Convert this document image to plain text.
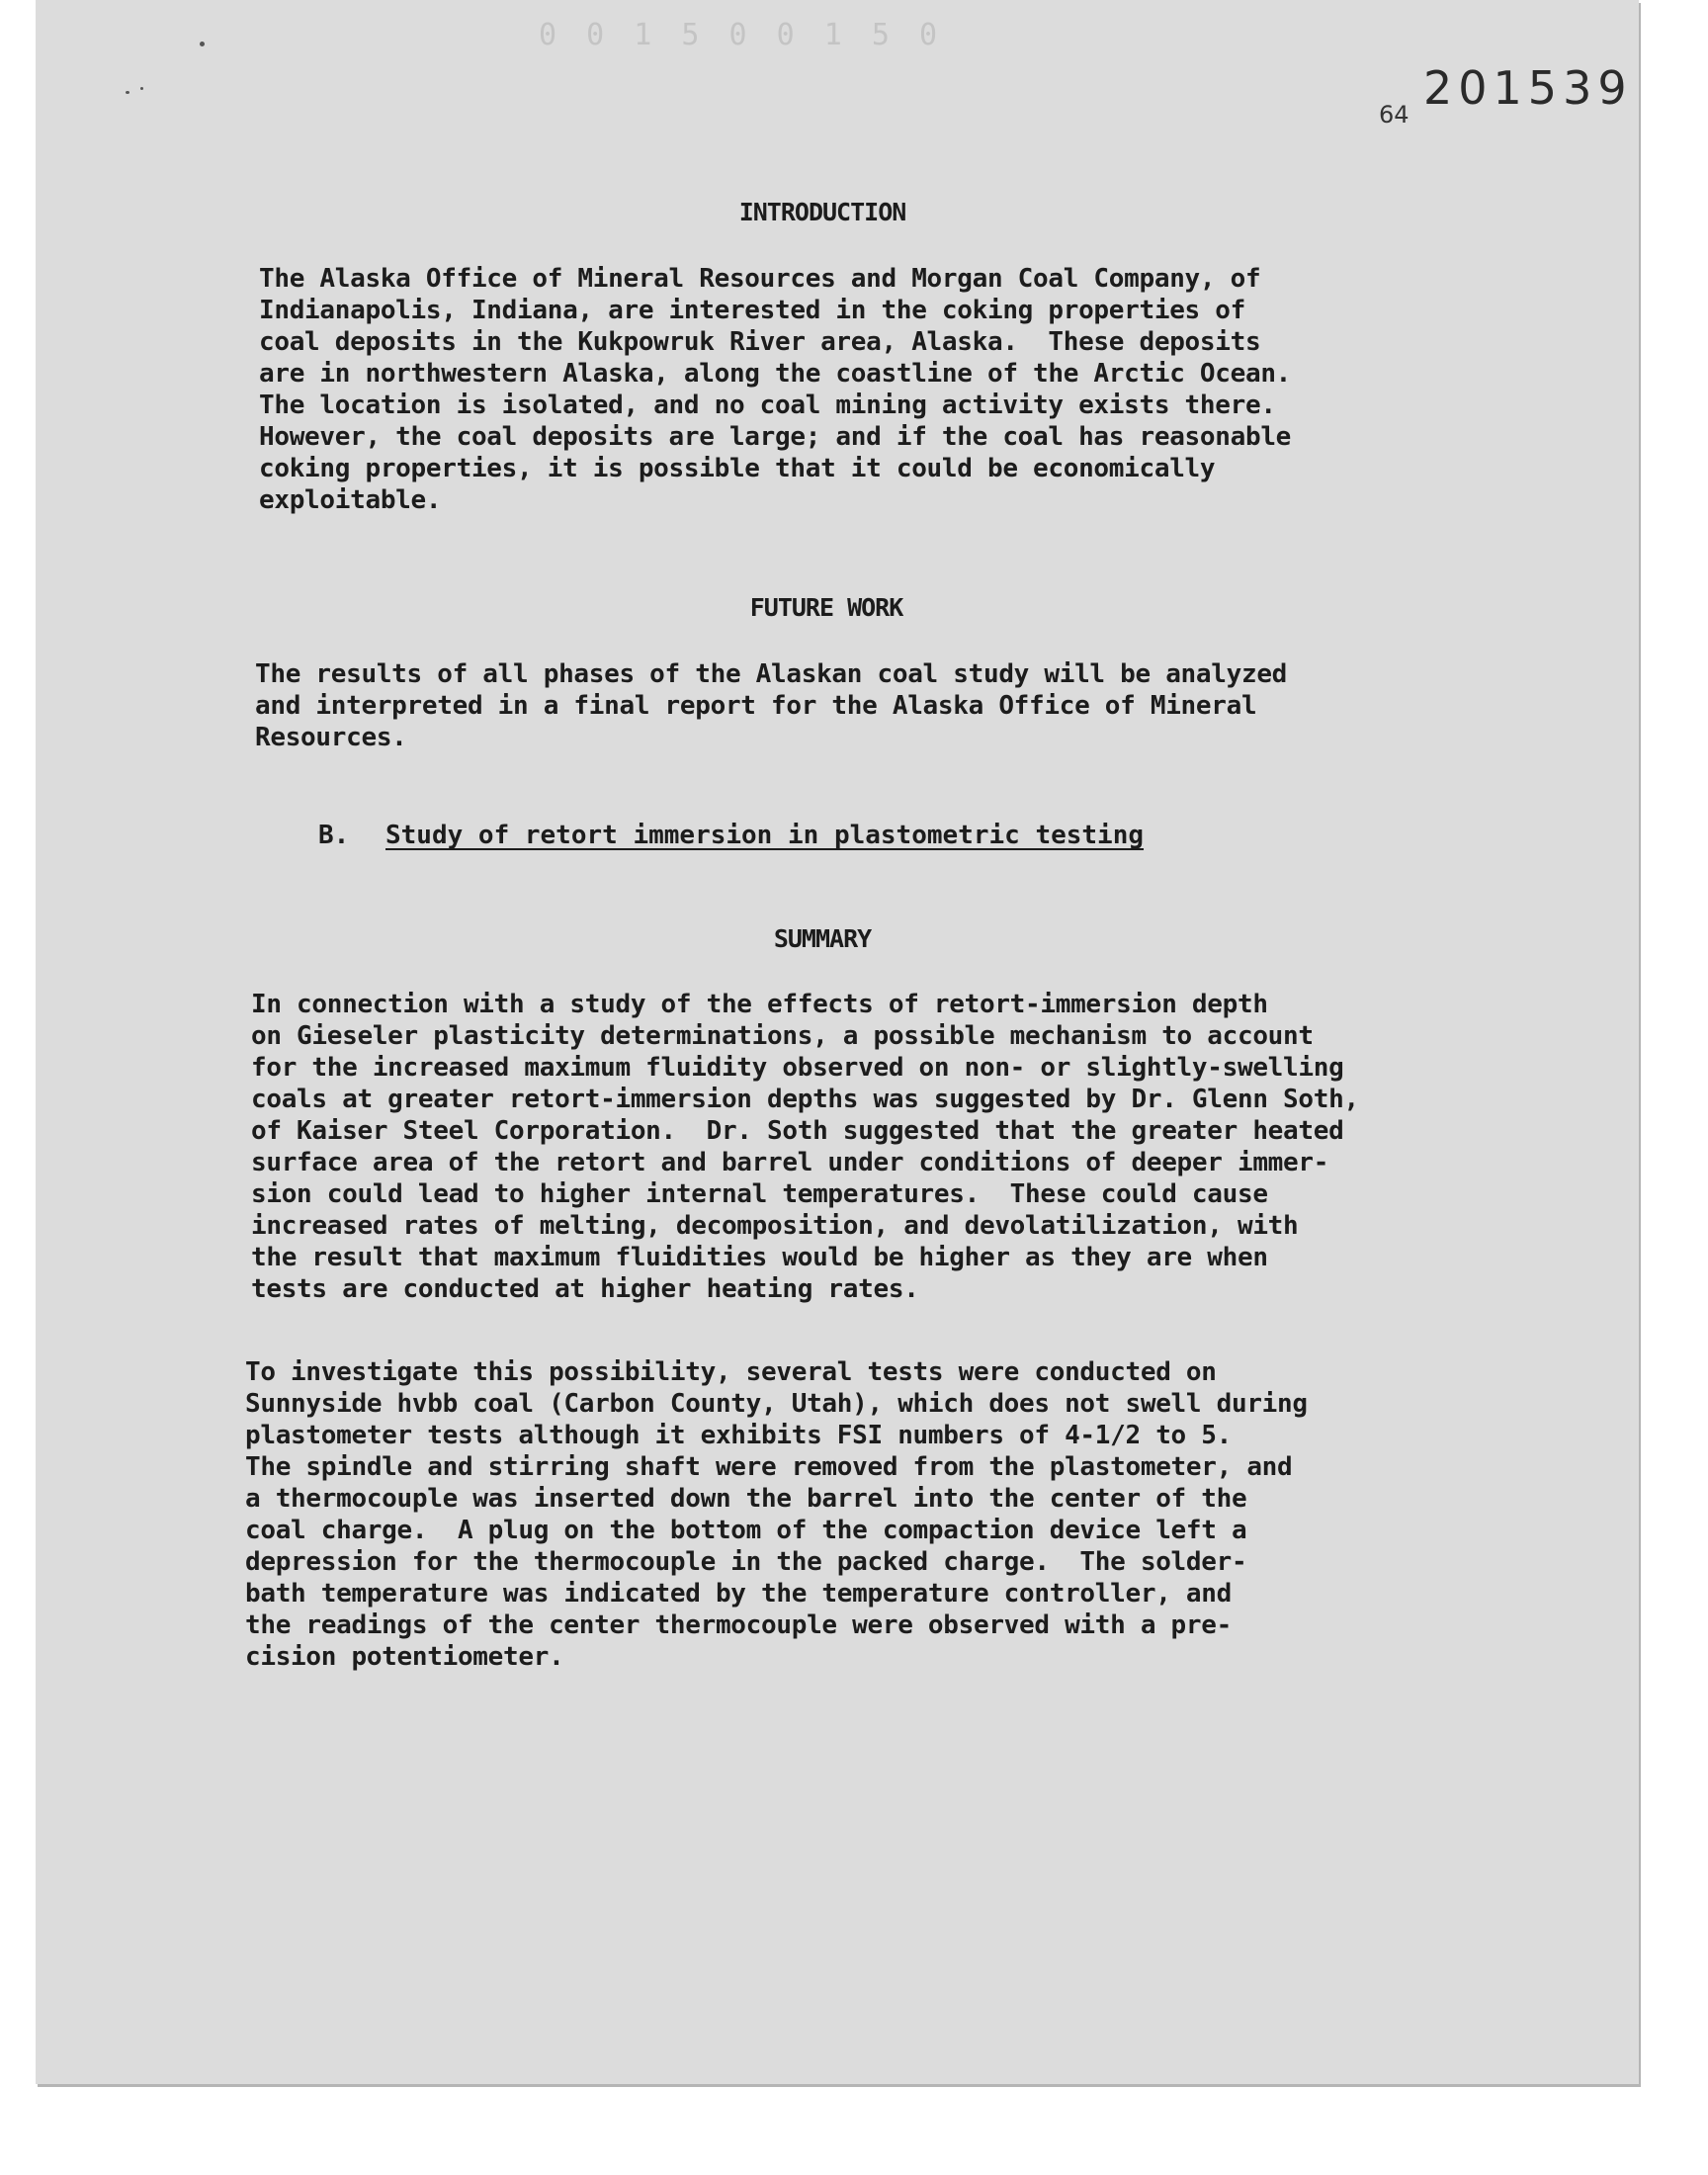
0 0 1 5 0 0 1 5 0
64 201539
INTRODUCTION
The Alaska Office of Mineral Resources and Morgan Coal Company, of
Indianapolis, Indiana, are interested in the coking properties of
coal deposits in the Kukpowruk River area, Alaska.  These deposits
are in northwestern Alaska, along the coastline of the Arctic Ocean.
The location is isolated, and no coal mining activity exists there.
However, the coal deposits are large; and if the coal has reasonable
coking properties, it is possible that it could be economically
exploitable.
FUTURE WORK
The results of all phases of the Alaskan coal study will be analyzed
and interpreted in a final report for the Alaska Office of Mineral
Resources.
B. Study of retort immersion in plastometric testing
SUMMARY
In connection with a study of the effects of retort-immersion depth
on Gieseler plasticity determinations, a possible mechanism to account
for the increased maximum fluidity observed on non- or slightly-swelling
coals at greater retort-immersion depths was suggested by Dr. Glenn Soth,
of Kaiser Steel Corporation.  Dr. Soth suggested that the greater heated
surface area of the retort and barrel under conditions of deeper immer-
sion could lead to higher internal temperatures.  These could cause
increased rates of melting, decomposition, and devolatilization, with
the result that maximum fluidities would be higher as they are when
tests are conducted at higher heating rates.
To investigate this possibility, several tests were conducted on
Sunnyside hvbb coal (Carbon County, Utah), which does not swell during
plastometer tests although it exhibits FSI numbers of 4-1/2 to 5.
The spindle and stirring shaft were removed from the plastometer, and
a thermocouple was inserted down the barrel into the center of the
coal charge.  A plug on the bottom of the compaction device left a
depression for the thermocouple in the packed charge.  The solder-
bath temperature was indicated by the temperature controller, and
the readings of the center thermocouple were observed with a pre-
cision potentiometer.
